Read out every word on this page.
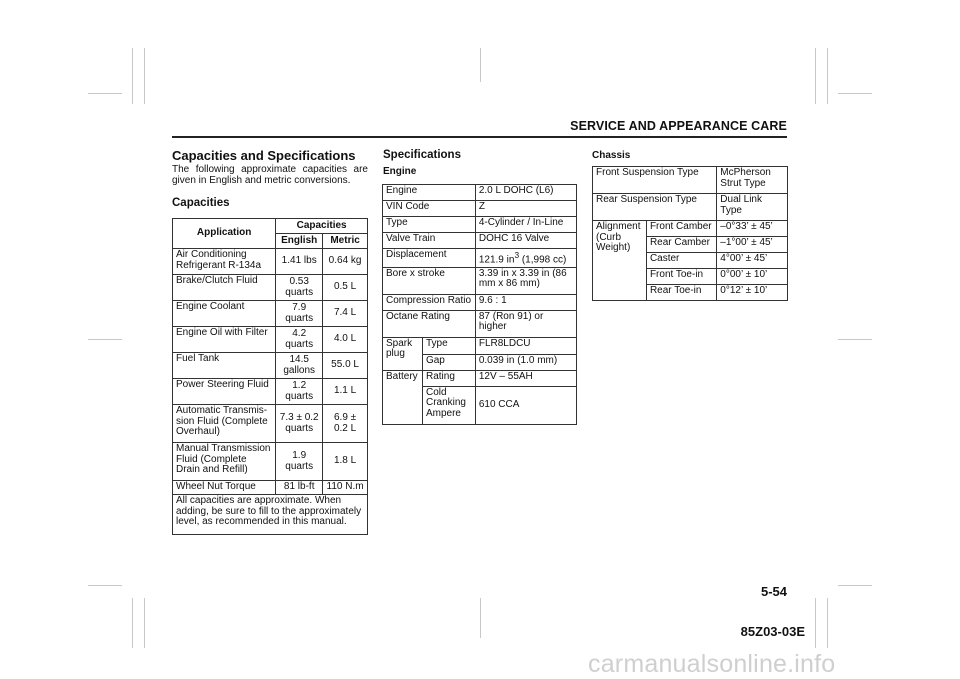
SERVICE AND APPEARANCE CARE
Capacities and Specifications
The following approximate capacities are given in English and metric conversions.
Capacities
Application	Capacities	
	English	Metric
Air Conditioning Refrigerant R-134a	1.41 lbs	0.64 kg
Brake/Clutch Fluid	0.53 quarts	0.5 L
Engine Coolant	7.9 quarts	7.4 L
Engine Oil with Filter	4.2 quarts	4.0 L
Fuel Tank	14.5 gallons	55.0 L
Power Steering Fluid	1.2 quarts	1.1 L
Automatic Transmis-sion Fluid (Complete Overhaul)	7.3 ± 0.2 quarts	6.9 ± 0.2 L
Manual Transmission Fluid (Complete Drain and Refill)	1.9 quarts	1.8 L
Wheel Nut Torque	81 lb-ft	110 N.m
All capacities are approximate. When adding, be sure to fill to the approximately level, as recommended in this manual.		
Specifications
Engine
Engine		2.0 L DOHC (L6)
VIN Code		Z
Type		4-Cylinder / In-Line
Valve Train		DOHC 16 Valve
Displacement		121.9 $in^3$ (1,998 cc)
Bore x stroke		3.39 in x 3.39 in (86 mm x 86 mm)
Compression Ratio		9.6 : 1
Octane Rating		87 (Ron 91) or higher
Spark plug	Type	FLR8LDCU
	Gap	0.039 in (1.0 mm)
Battery	Rating	12V – 55AH
	Cold Cranking Ampere	610 CCA
Chassis
Front Suspension Type		McPherson Strut Type
Rear Suspension Type		Dual Link Type
Alignment (Curb Weight)	Front Camber	–0°33’ ± 45’
	Rear Camber	–1°00’ ± 45’
	Caster	4°00’ ± 45’
	Front Toe-in	0°00’ ± 10’
	Rear Toe-in	0°12’ ± 10’
5-54
85Z03-03E
carmanualsonline.info
